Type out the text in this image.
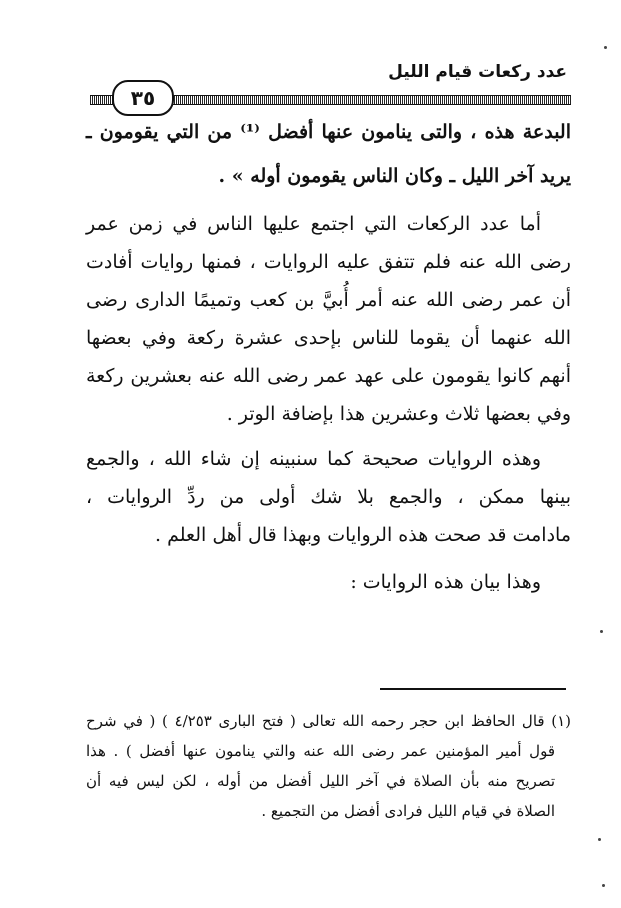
عدد ركعات قيام الليل
٣٥
البدعة هذه ، والتى ينامون عنها أفضل ⁽¹⁾ من التي يقومون ـ
يريد آخر الليل ـ وكان الناس يقومون أوله » .
أما عدد الركعات التي اجتمع عليها الناس في زمن عمر
رضى الله عنه فلم تتفق عليه الروايات ، فمنها روايات أفادت
أن عمر رضى الله عنه أمر أُبيَّ بن كعب وتميمًا الدارى رضى
الله عنهما أن يقوما للناس بإحدى عشرة ركعة وفي بعضها
أنهم كانوا يقومون على عهد عمر رضى الله عنه بعشرين ركعة
وفي بعضها ثلاث وعشرين هذا بإضافة الوتر .
وهذه الروايات صحيحة كما سنبينه إن شاء الله ، والجمع
بينها ممكن ، والجمع بلا شك أولى من ردِّ الروايات ،
مادامت قد صحت هذه الروايات وبهذا قال أهل العلم .
وهذا بيان هذه الروايات :
(١) قال الحافظ ابن حجر رحمه الله تعالى ( فتح البارى ٤/٢٥٣ ) ( في شرح
قول أمير المؤمنين عمر رضى الله عنه والتي ينامون عنها أفضل ) . هذا
تصريح منه بأن الصلاة في آخر الليل أفضل من أوله ، لكن ليس فيه أن
الصلاة في قيام الليل فرادى أفضل من التجميع .
